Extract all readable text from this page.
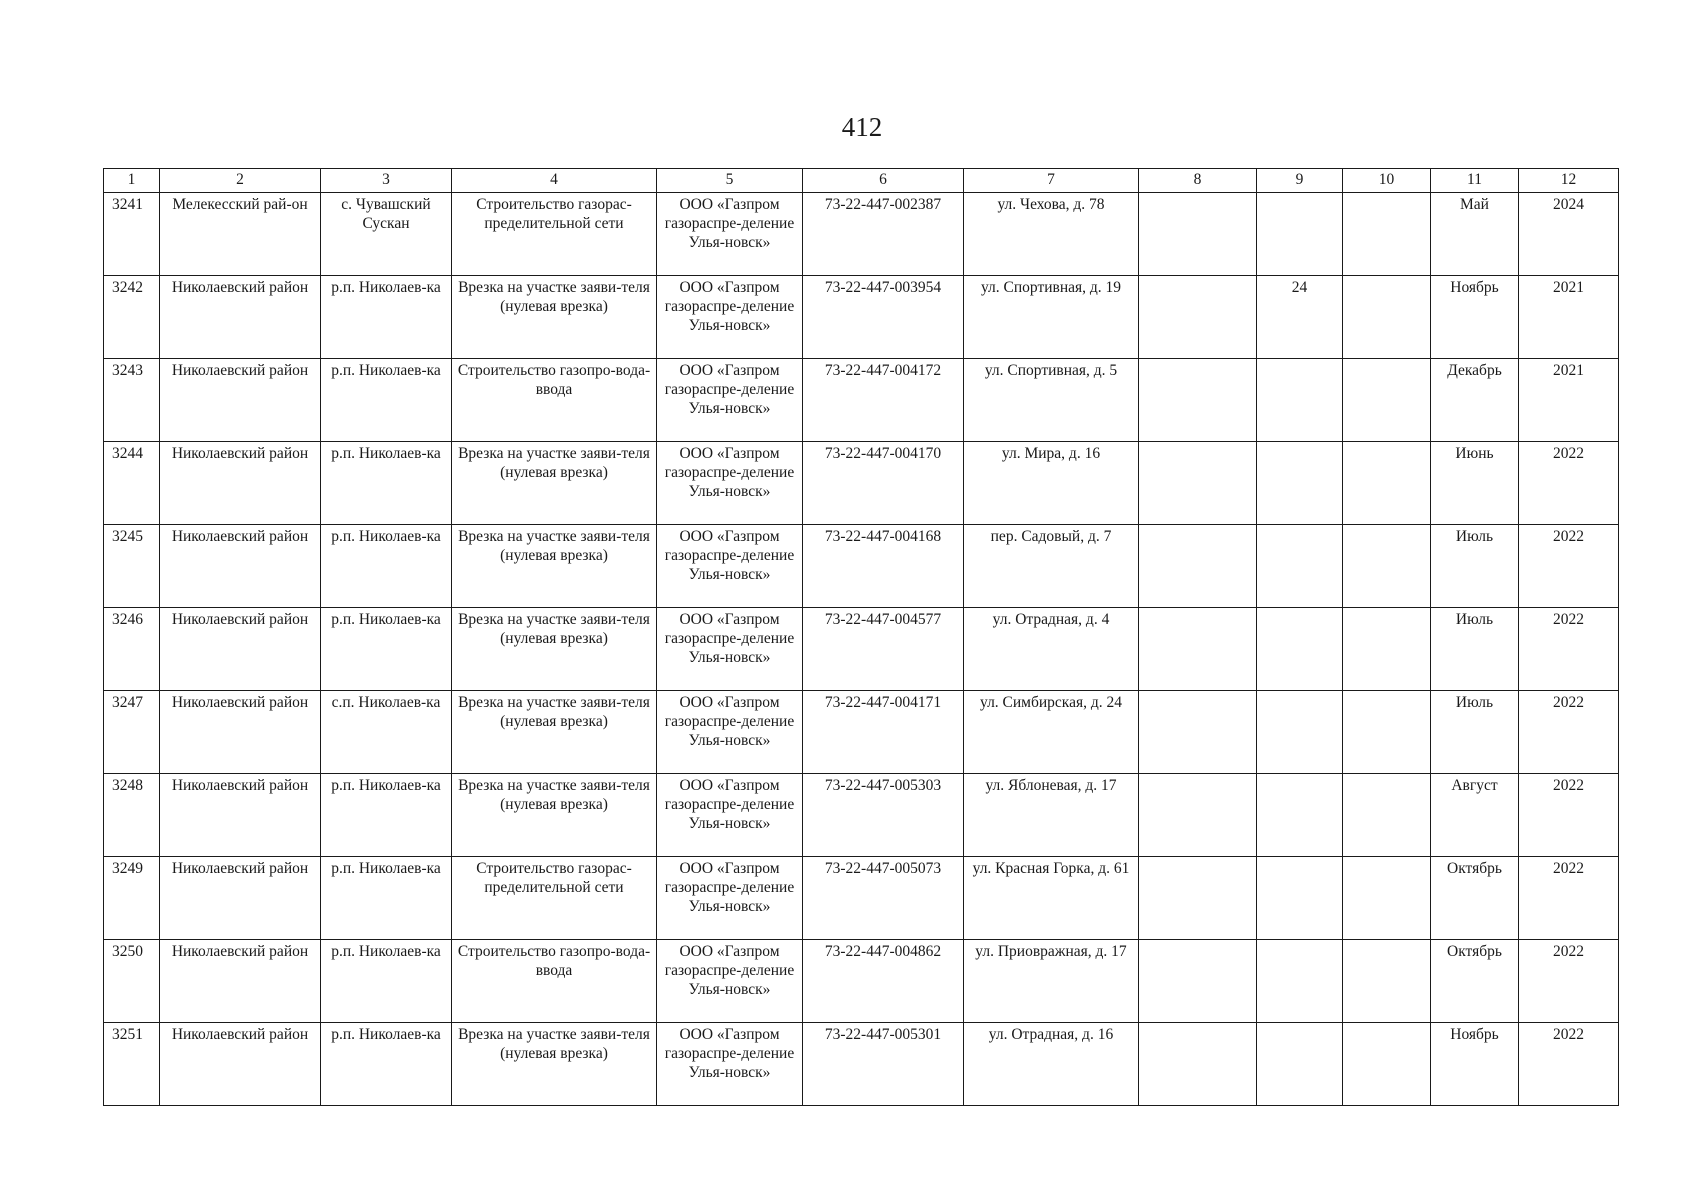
412
1	2	3	4	5	6	7	8	9	10	11	12
3241	Мелекесский рай-он	с. Чувашский Сускан	Строительство газорас-пределительной сети	ООО «Газпром газораспре-деление Улья-новск»	73-22-447-002387	ул. Чехова, д. 78				Май	2024
3242	Николаевский район	р.п. Николаев-ка	Врезка на участке заяви-теля (нулевая врезка)	ООО «Газпром газораспре-деление Улья-новск»	73-22-447-003954	ул. Спортивная, д. 19		24		Ноябрь	2021
3243	Николаевский район	р.п. Николаев-ка	Строительство газопро-вода-ввода	ООО «Газпром газораспре-деление Улья-новск»	73-22-447-004172	ул. Спортивная, д. 5				Декабрь	2021
3244	Николаевский район	р.п. Николаев-ка	Врезка на участке заяви-теля (нулевая врезка)	ООО «Газпром газораспре-деление Улья-новск»	73-22-447-004170	ул. Мира, д. 16				Июнь	2022
3245	Николаевский район	р.п. Николаев-ка	Врезка на участке заяви-теля (нулевая врезка)	ООО «Газпром газораспре-деление Улья-новск»	73-22-447-004168	пер. Садовый, д. 7				Июль	2022
3246	Николаевский район	р.п. Николаев-ка	Врезка на участке заяви-теля (нулевая врезка)	ООО «Газпром газораспре-деление Улья-новск»	73-22-447-004577	ул. Отрадная, д. 4				Июль	2022
3247	Николаевский район	с.п. Николаев-ка	Врезка на участке заяви-теля (нулевая врезка)	ООО «Газпром газораспре-деление Улья-новск»	73-22-447-004171	ул. Симбирская, д. 24				Июль	2022
3248	Николаевский район	р.п. Николаев-ка	Врезка на участке заяви-теля (нулевая врезка)	ООО «Газпром газораспре-деление Улья-новск»	73-22-447-005303	ул. Яблоневая, д. 17				Август	2022
3249	Николаевский район	р.п. Николаев-ка	Строительство газорас-пределительной сети	ООО «Газпром газораспре-деление Улья-новск»	73-22-447-005073	ул. Красная Горка, д. 61				Октябрь	2022
3250	Николаевский район	р.п. Николаев-ка	Строительство газопро-вода-ввода	ООО «Газпром газораспре-деление Улья-новск»	73-22-447-004862	ул. Приовражная, д. 17				Октябрь	2022
3251	Николаевский район	р.п. Николаев-ка	Врезка на участке заяви-теля (нулевая врезка)	ООО «Газпром газораспре-деление Улья-новск»	73-22-447-005301	ул. Отрадная, д. 16				Ноябрь	2022
